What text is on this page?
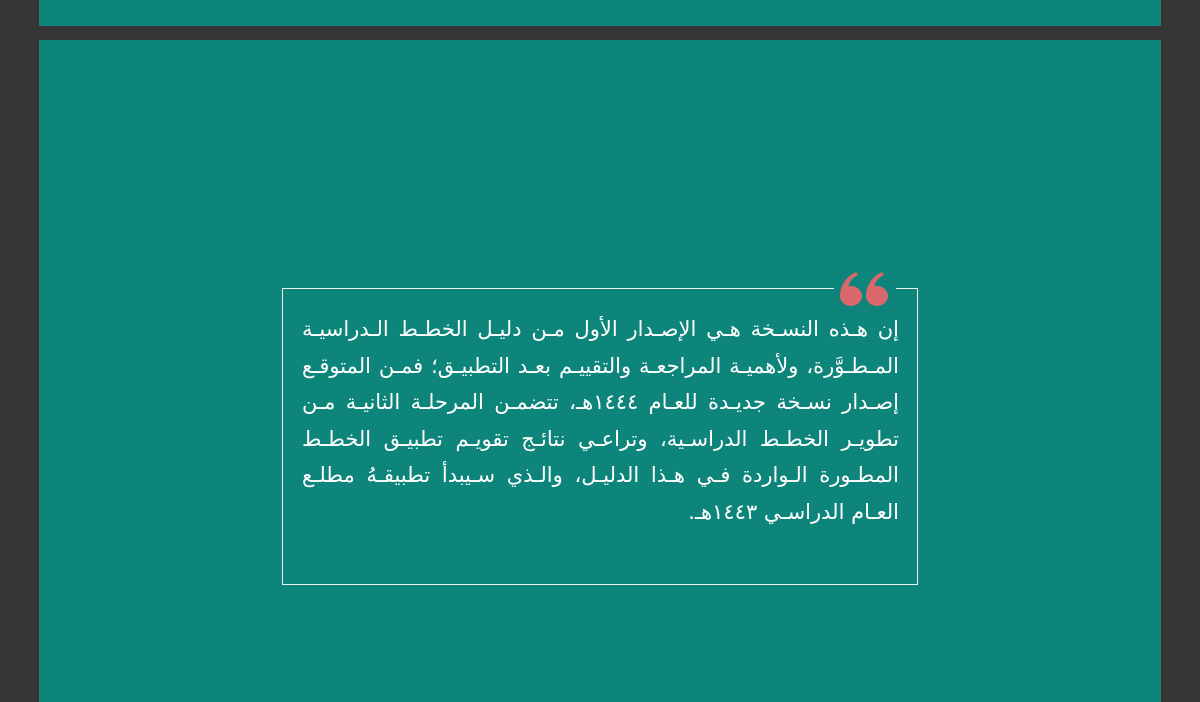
إن هـذه النسـخة هـي الإصـدار الأول مـن دليـل الخطـط الـدراسيـة المـطـوَّرة، ولأهميـة المراجعـة والتقييـم بعـد التطبيـق؛ فمـن المتوقـع إصـدار نسـخة جديـدة للعـام ١٤٤٤هـ، تتضمـن المرحلـة الثانيـة مـن تطويـر الخطـط الدراسـية، وتراعـي نتائـج تقويـم تطبيـق الخطـط المطـورة الـواردة فـي هـذا الدليـل، والـذي سـيبدأ تطبيقـهُ مطلـع العـام الدراسـي ١٤٤٣هـ.
